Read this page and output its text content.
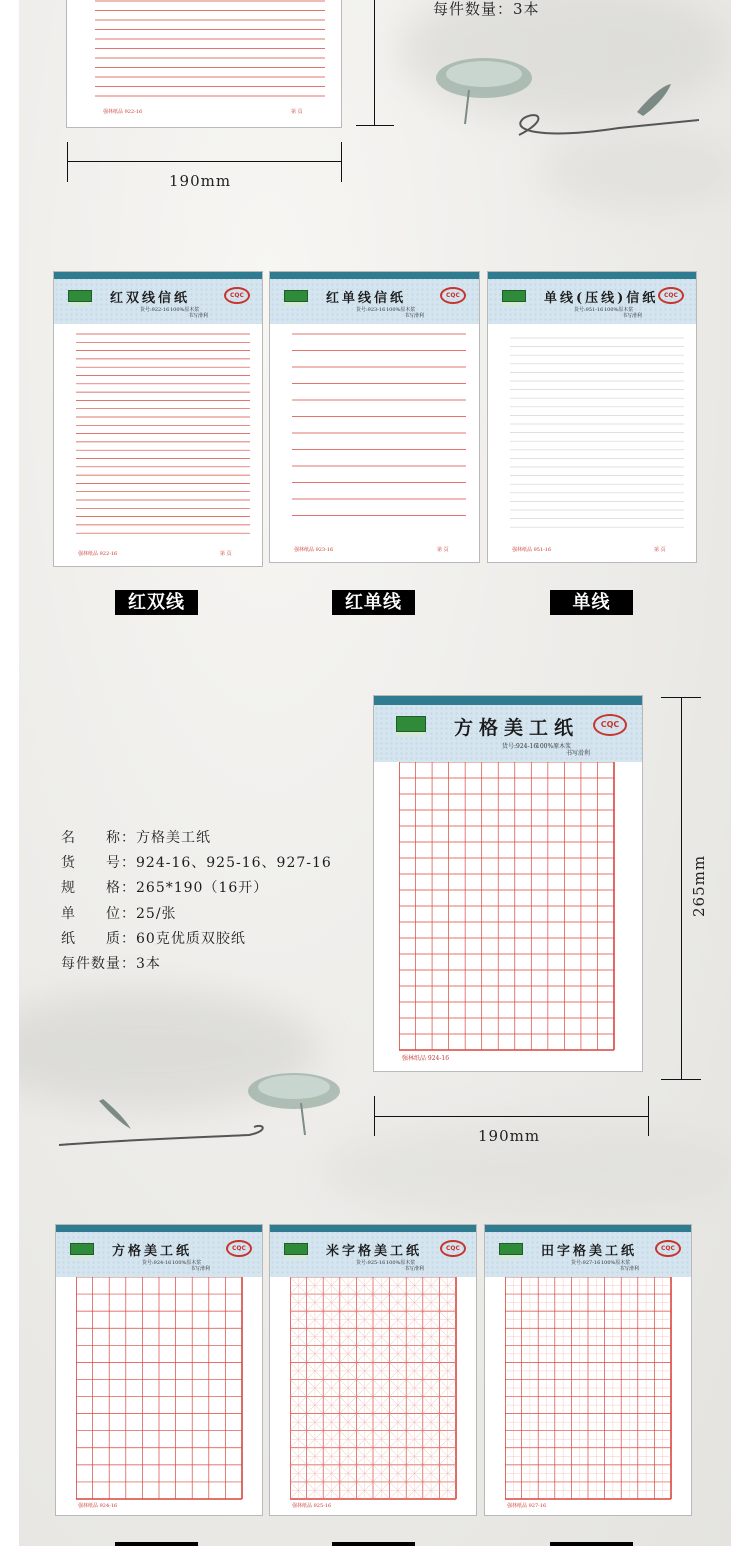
强林纸品 922-16	第 页
每件数量：3本
190mm
红双线信纸
货号:922-16 100%原木浆
书写滑利
CQC
强林纸品 922-16	第 页
红单线信纸
货号:923-16 100%原木浆
书写滑利
CQC
强林纸品 923-16	第 页
单线(压线)信纸
货号:951-16 100%原木浆
书写滑利
CQC
强林纸品 951-16	第 页
红双线	红单线	单线
名　　称：方格美工纸
货　　号：924-16、925-16、927-16
规　　格：265*190（16开）
单　　位：25/张
纸　　质：60克优质双胶纸
每件数量：3本
方格美工纸
货号:924-16
100%原木浆
书写滑利
CQC
强林纸品 924-16
265mm
190mm
方格美工纸
货号:924-16 100%原木浆
书写滑利
CQC
强林纸品 924-16
米字格美工纸
货号:925-16 100%原木浆
书写滑利
CQC
强林纸品 925-16
田字格美工纸
货号:927-16 100%原木浆
书写滑利
CQC
强林纸品 927-16
